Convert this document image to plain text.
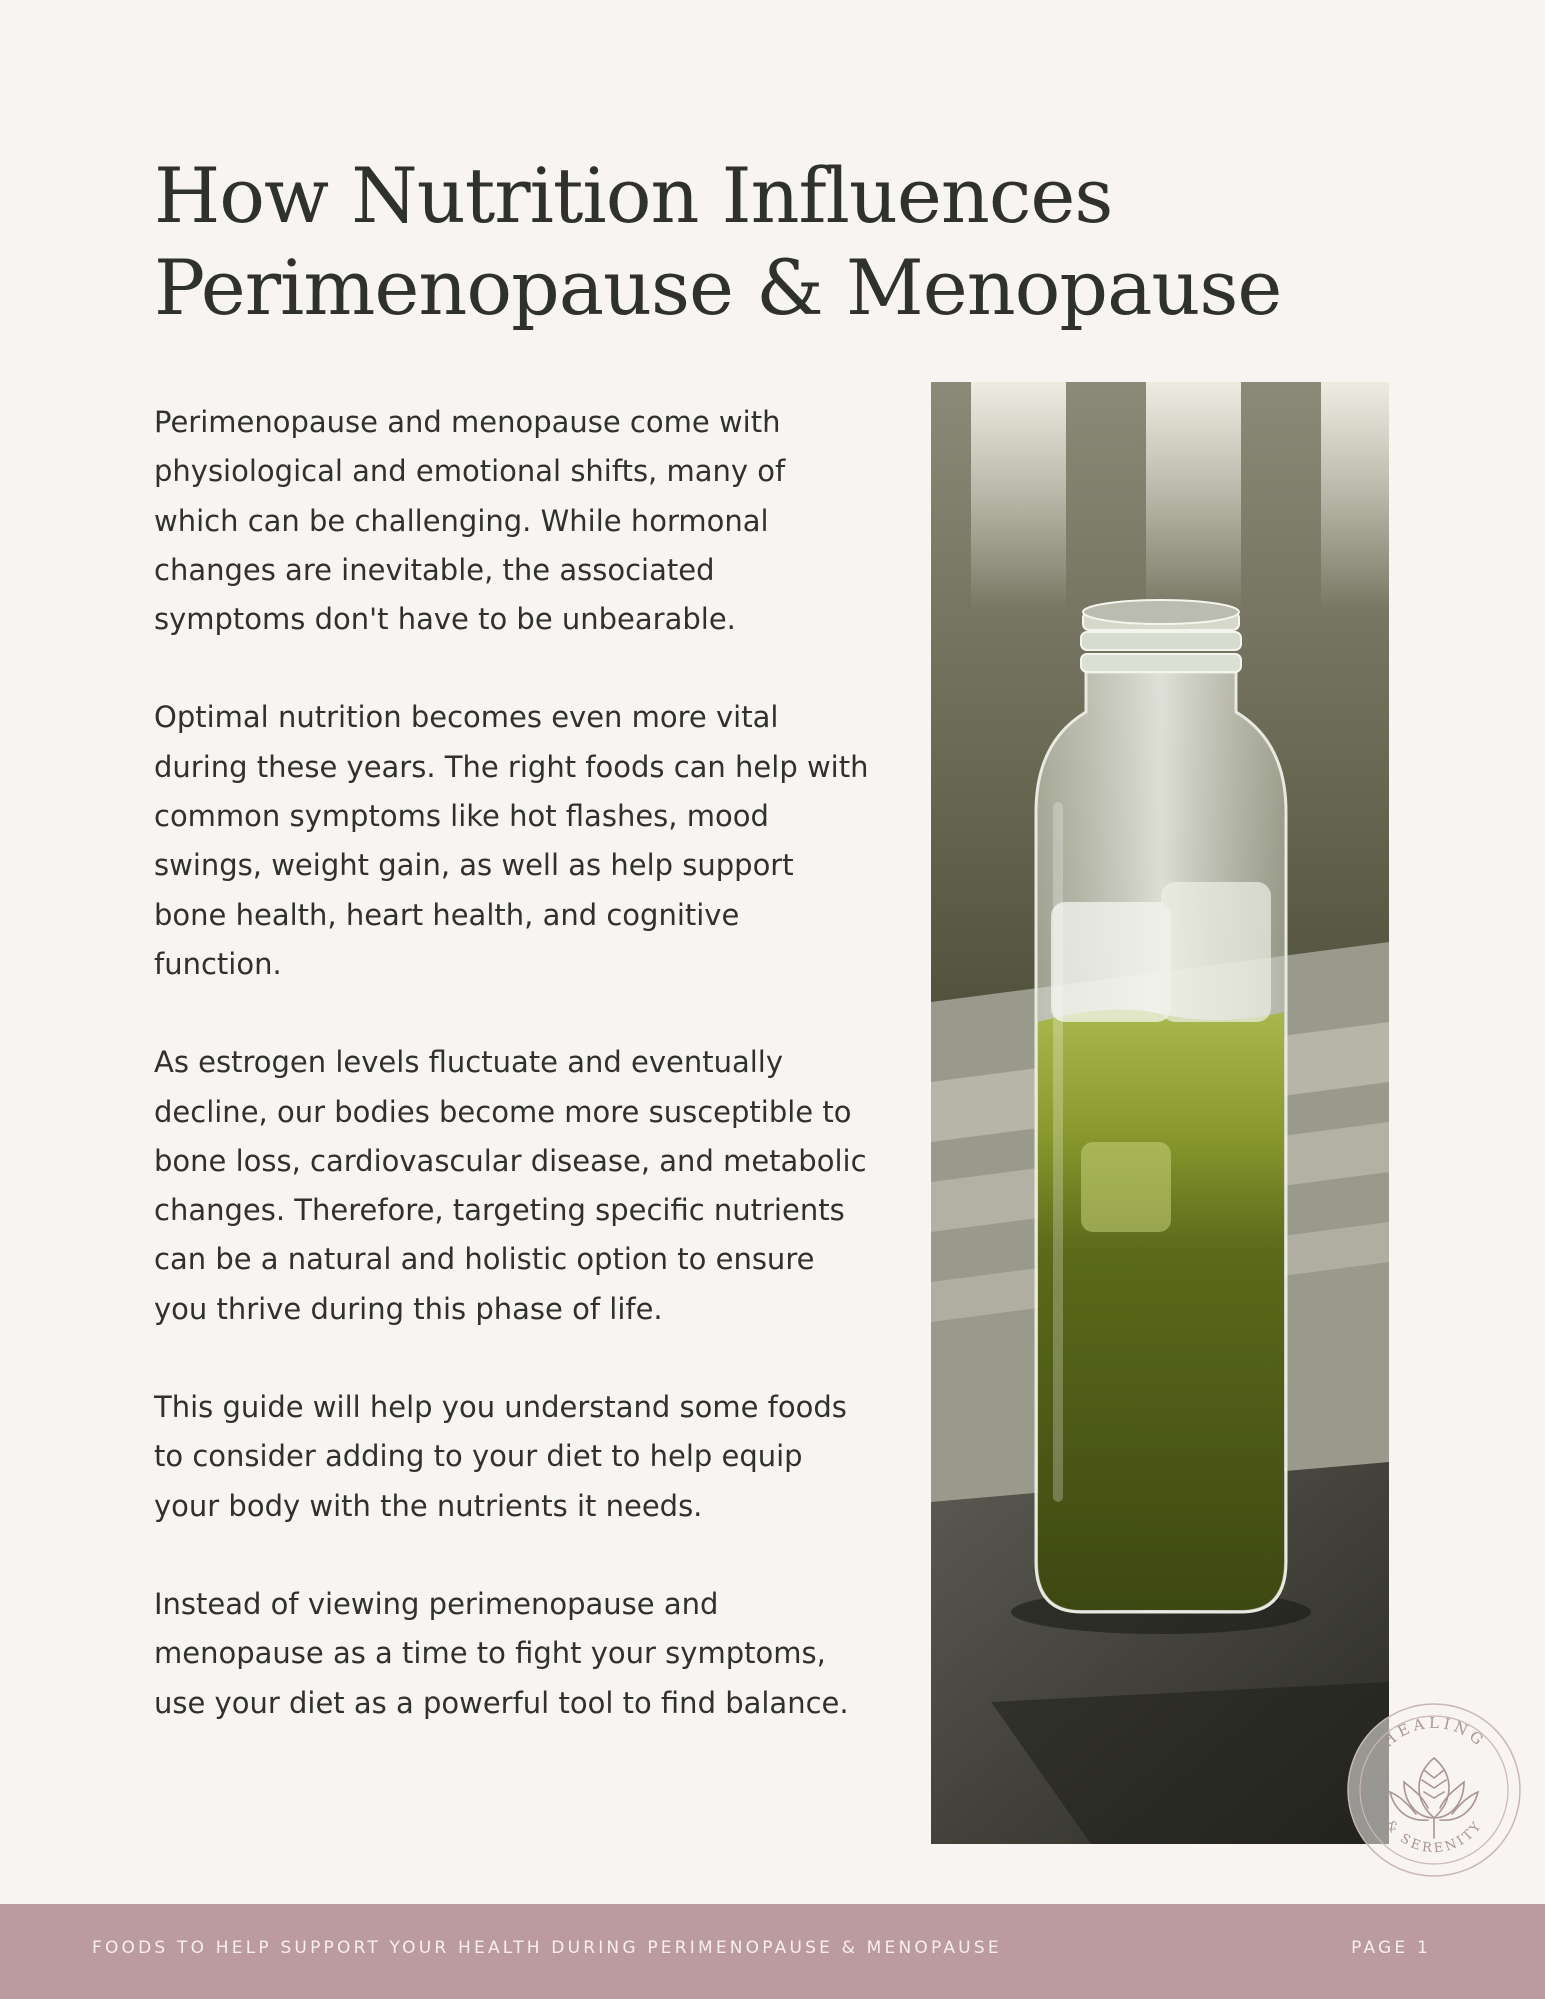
How Nutrition Influences
Perimenopause & Menopause

Perimenopause and menopause come with physiological and emotional shifts, many of which can be challenging. While hormonal changes are inevitable, the associated symptoms don't have to be unbearable.

Optimal nutrition becomes even more vital during these years. The right foods can help with common symptoms like hot flashes, mood swings, weight gain, as well as help support bone health, heart health, and cognitive function.

As estrogen levels fluctuate and eventually decline, our bodies become more susceptible to bone loss, cardiovascular disease, and metabolic changes. Therefore, targeting specific nutrients can be a natural and holistic option to ensure you thrive during this phase of life.

This guide will help you understand some foods to consider adding to your diet to help equip your body with the nutrients it needs.

Instead of viewing perimenopause and menopause as a time to fight your symptoms, use your diet as a powerful tool to find balance.

HEALING
& SERENITY
FOODS TO HELP SUPPORT YOUR HEALTH DURING PERIMENOPAUSE & MENOPAUSE	PAGE 1
